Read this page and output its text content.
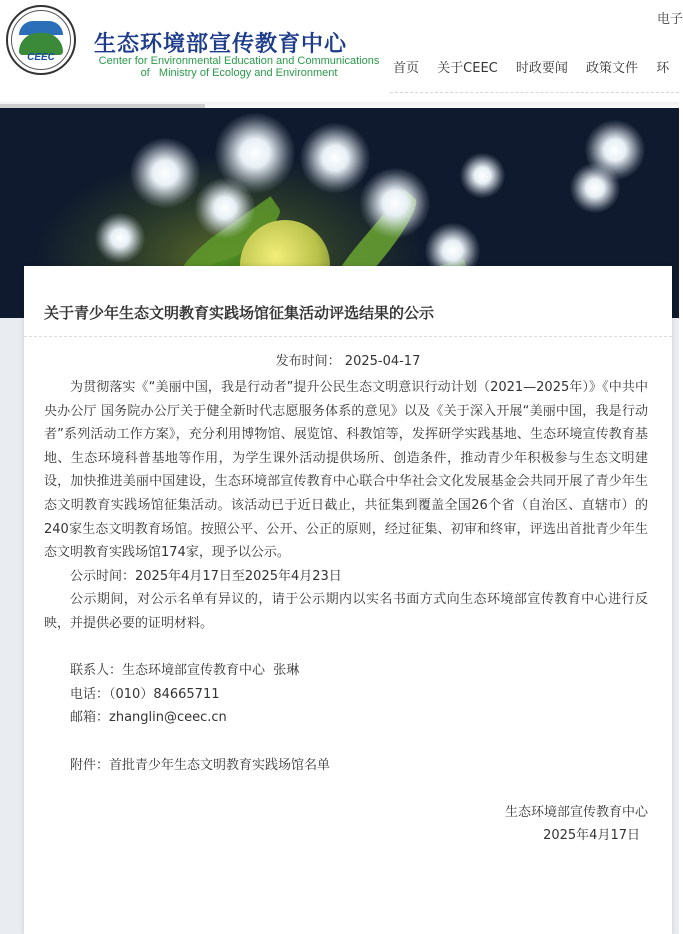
CEEC
生态环境部宣传教育中心
Center for Environmental Education and Communications
of   Ministry of Ecology and Environment
电子
首页 关于CEEC 时政要闻 政策文件 环
关于青少年生态文明教育实践场馆征集活动评选结果的公示
发布时间： 2025-04-17

为贯彻落实《“美丽中国，我是行动者”提升公民生态文明意识行动计划（2021—2025年）》《中共中央办公厅 国务院办公厅关于健全新时代志愿服务体系的意见》以及《关于深入开展“美丽中国，我是行动者”系列活动工作方案》，充分利用博物馆、展览馆、科教馆等，发挥研学实践基地、生态环境宣传教育基地、生态环境科普基地等作用，为学生课外活动提供场所、创造条件，推动青少年积极参与生态文明建设，加快推进美丽中国建设，生态环境部宣传教育中心联合中华社会文化发展基金会共同开展了青少年生态文明教育实践场馆征集活动。该活动已于近日截止，共征集到覆盖全国26个省（自治区、直辖市）的240家生态文明教育场馆。按照公平、公开、公正的原则，经过征集、初审和终审，评选出首批青少年生态文明教育实践场馆174家，现予以公示。

公示时间：2025年4月17日至2025年4月23日

公示期间，对公示名单有异议的，请于公示期内以实名书面方式向生态环境部宣传教育中心进行反映，并提供必要的证明材料。

联系人：生态环境部宣传教育中心  张琳

电话：（010）84665711

邮箱：zhanglin@ceec.cn

附件：首批青少年生态文明教育实践场馆名单

生态环境部宣传教育中心

2025年4月17日
